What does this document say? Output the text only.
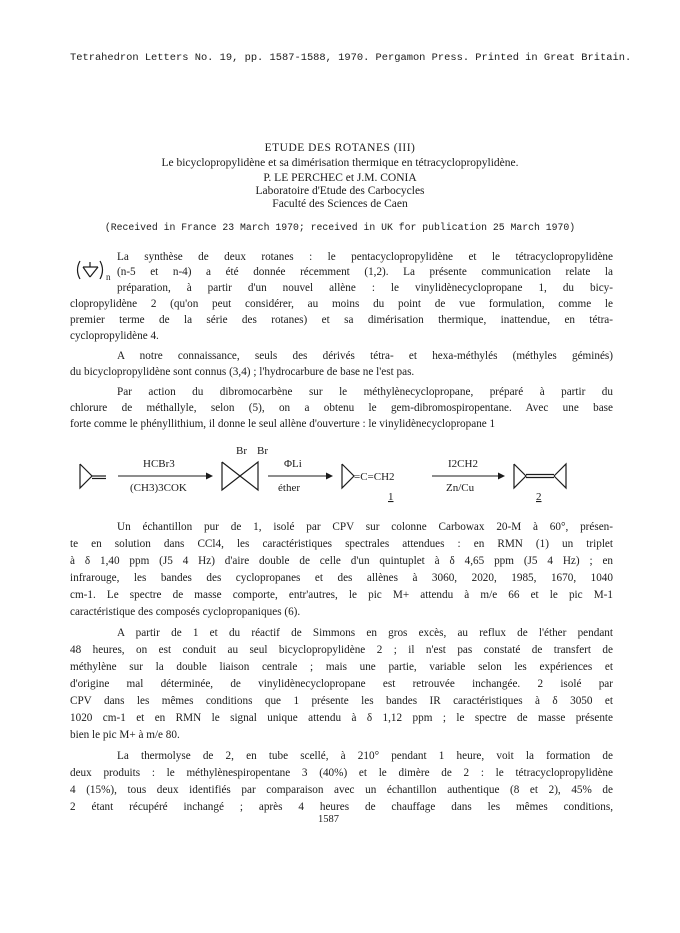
Tetrahedron Letters No. 19, pp. 1587-1588, 1970. Pergamon Press. Printed in Great Britain.

ETUDE DES ROTANES (III)

Le bicyclopropylidène et sa dimérisation thermique en tétracyclopropylidène.

P. LE PERCHEC et J.M. CONIA

Laboratoire d'Etude des Carbocycles

Faculté des Sciences de Caen

(Received in France 23 March 1970; received in UK for publication 25 March 1970)

n

La synthèse de deux rotanes : le pentacyclopropylidène et le tétracyclopropylidène

(n-5 et n-4) a été donnée récemment (1,2). La présente communication relate la

préparation, à partir d'un nouvel allène : le vinylidènecyclopropane 1, du bicy-

clopropylidène 2 (qu'on peut considérer, au moins du point de vue formulation, comme le

premier terme de la série des rotanes) et sa dimérisation thermique, inattendue, en tétra-

cyclopropylidène 4.

A notre connaissance, seuls des dérivés tétra- et hexa-méthylés (méthyles géminés)

du bicyclopropylidène sont connus (3,4) ; l'hydrocarbure de base ne l'est pas.

Par action du dibromocarbène sur le méthylènecyclopropane, préparé à partir du

chlorure de méthallyle, selon (5), on a obtenu le gem-dibromospiropentane. Avec une base

forte comme le phényllithium, il donne le seul allène d'ouverture : le vinylidènecyclopropane 1

HCBr3
(CH3)3COK
Br Br
ΦLi
éther
=C=CH2
1
I2CH2
Zn/Cu
2

Un échantillon pur de 1, isolé par CPV sur colonne Carbowax 20-M à 60°, présen-

te en solution dans CCl4, les caractéristiques spectrales attendues : en RMN (1) un triplet

à δ 1,40 ppm (J5 4 Hz) d'aire double de celle d'un quintuplet à δ 4,65 ppm (J5 4 Hz) ; en

infrarouge, les bandes des cyclopropanes et des allènes à 3060, 2020, 1985, 1670, 1040

cm-1. Le spectre de masse comporte, entr'autres, le pic M+ attendu à m/e 66 et le pic M-1

caractéristique des composés cyclopropaniques (6).

A partir de 1 et du réactif de Simmons en gros excès, au reflux de l'éther pendant

48 heures, on est conduit au seul bicyclopropylidène 2 ; il n'est pas constaté de transfert de

méthylène sur la double liaison centrale ; mais une partie, variable selon les expériences et

d'origine mal déterminée, de vinylidènecyclopropane est retrouvée inchangée. 2 isolé par

CPV dans les mêmes conditions que 1 présente les bandes IR caractéristiques à δ 3050 et

1020 cm-1 et en RMN le signal unique attendu à δ 1,12 ppm ; le spectre de masse présente

bien le pic M+ à m/e 80.

La thermolyse de 2, en tube scellé, à 210° pendant 1 heure, voit la formation de

deux produits : le méthylènespiropentane 3 (40%) et le dimère de 2 : le tétracyclopropylidène

4 (15%), tous deux identifiés par comparaison avec un échantillon authentique (8 et 2), 45% de

2 étant récupéré inchangé ; après 4 heures de chauffage dans les mêmes conditions,

1587
